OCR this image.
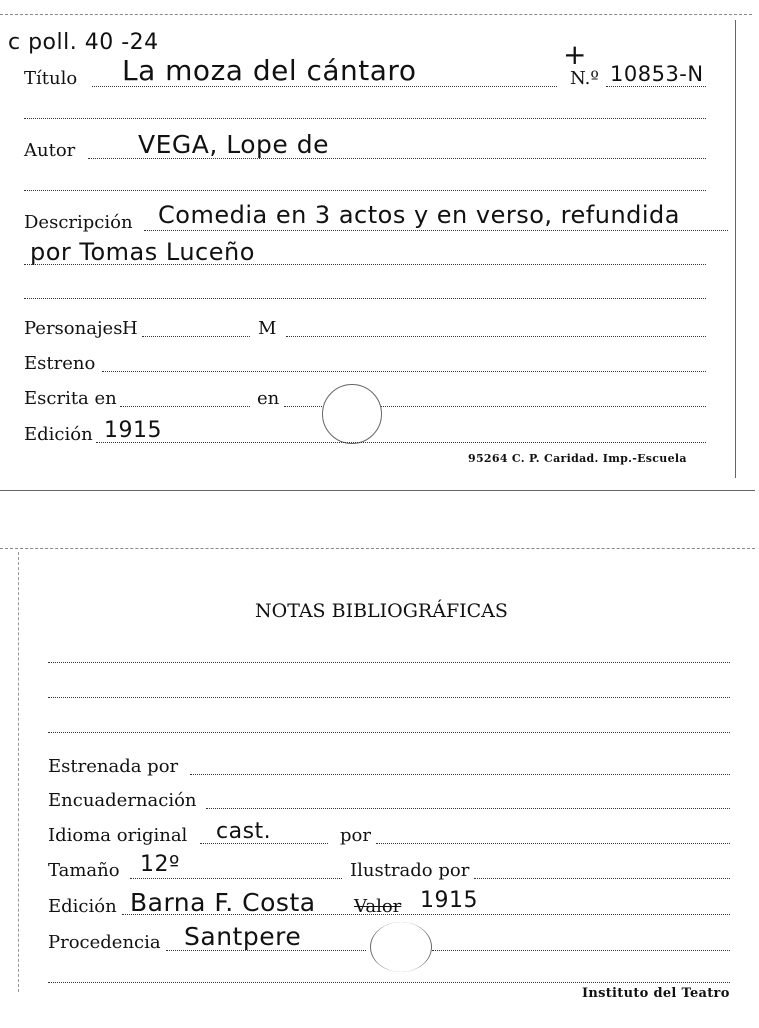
c poll. 40 -24	+
Título La moza del cántaro	N.º 10853-N
Autor	VEGA, Lope de
Descripción Comedia en 3 actos y en verso, refundida
por Tomas Luceño
Personajes H	M
Estreno
Escrita en	en
Edición 1915
95264 C. P. Caridad. Imp.-Escuela
NOTAS BIBLIOGRÁFICAS
Estrenada por
Encuadernación
Idioma original cast.	por
Tamaño 12º	Ilustrado por
Edición Barna F. Costa Valor 1915
Procedencia Santpere
Instituto del Teatro
